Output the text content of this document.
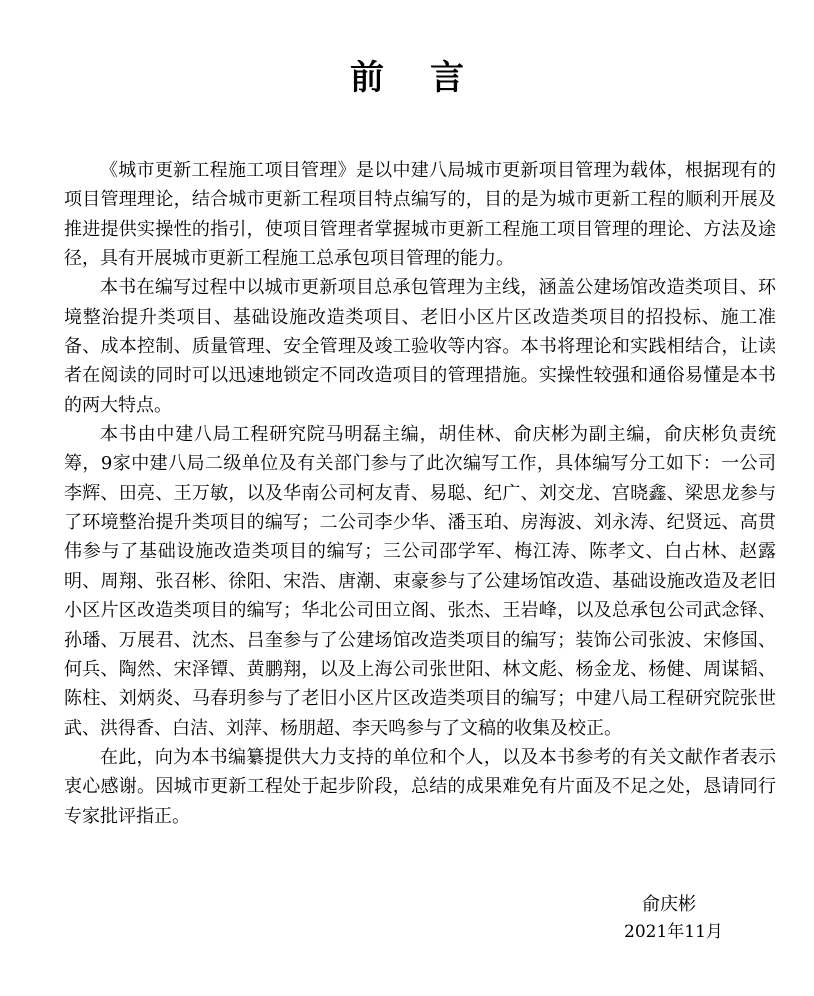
前言

《城市更新工程施工项目管理》是以中建八局城市更新项目管理为载体，根据现有的项目管理理论，结合城市更新工程项目特点编写的，目的是为城市更新工程的顺利开展及推进提供实操性的指引，使项目管理者掌握城市更新工程施工项目管理的理论、方法及途径，具有开展城市更新工程施工总承包项目管理的能力。

本书在编写过程中以城市更新项目总承包管理为主线，涵盖公建场馆改造类项目、环境整治提升类项目、基础设施改造类项目、老旧小区片区改造类项目的招投标、施工准备、成本控制、质量管理、安全管理及竣工验收等内容。本书将理论和实践相结合，让读者在阅读的同时可以迅速地锁定不同改造项目的管理措施。实操性较强和通俗易懂是本书的两大特点。

本书由中建八局工程研究院马明磊主编，胡佳林、俞庆彬为副主编，俞庆彬负责统筹，9家中建八局二级单位及有关部门参与了此次编写工作，具体编写分工如下：一公司李辉、田亮、王万敏，以及华南公司柯友青、易聪、纪广、刘交龙、宫晓鑫、梁思龙参与了环境整治提升类项目的编写；二公司李少华、潘玉珀、房海波、刘永涛、纪贤远、高贯伟参与了基础设施改造类项目的编写；三公司邵学军、梅江涛、陈孝文、白占林、赵露明、周翔、张召彬、徐阳、宋浩、唐潮、束豪参与了公建场馆改造、基础设施改造及老旧小区片区改造类项目的编写；华北公司田立阁、张杰、王岩峰，以及总承包公司武念铎、孙璠、万展君、沈杰、吕奎参与了公建场馆改造类项目的编写；装饰公司张波、宋修国、何兵、陶然、宋泽镡、黄鹏翔，以及上海公司张世阳、林文彪、杨金龙、杨健、周谋韬、陈柱、刘炳炎、马春玥参与了老旧小区片区改造类项目的编写；中建八局工程研究院张世武、洪得香、白洁、刘萍、杨朋超、李天鸣参与了文稿的收集及校正。

在此，向为本书编纂提供大力支持的单位和个人，以及本书参考的有关文献作者表示衷心感谢。因城市更新工程处于起步阶段，总结的成果难免有片面及不足之处，恳请同行专家批评指正。

俞庆彬
2021年11月
